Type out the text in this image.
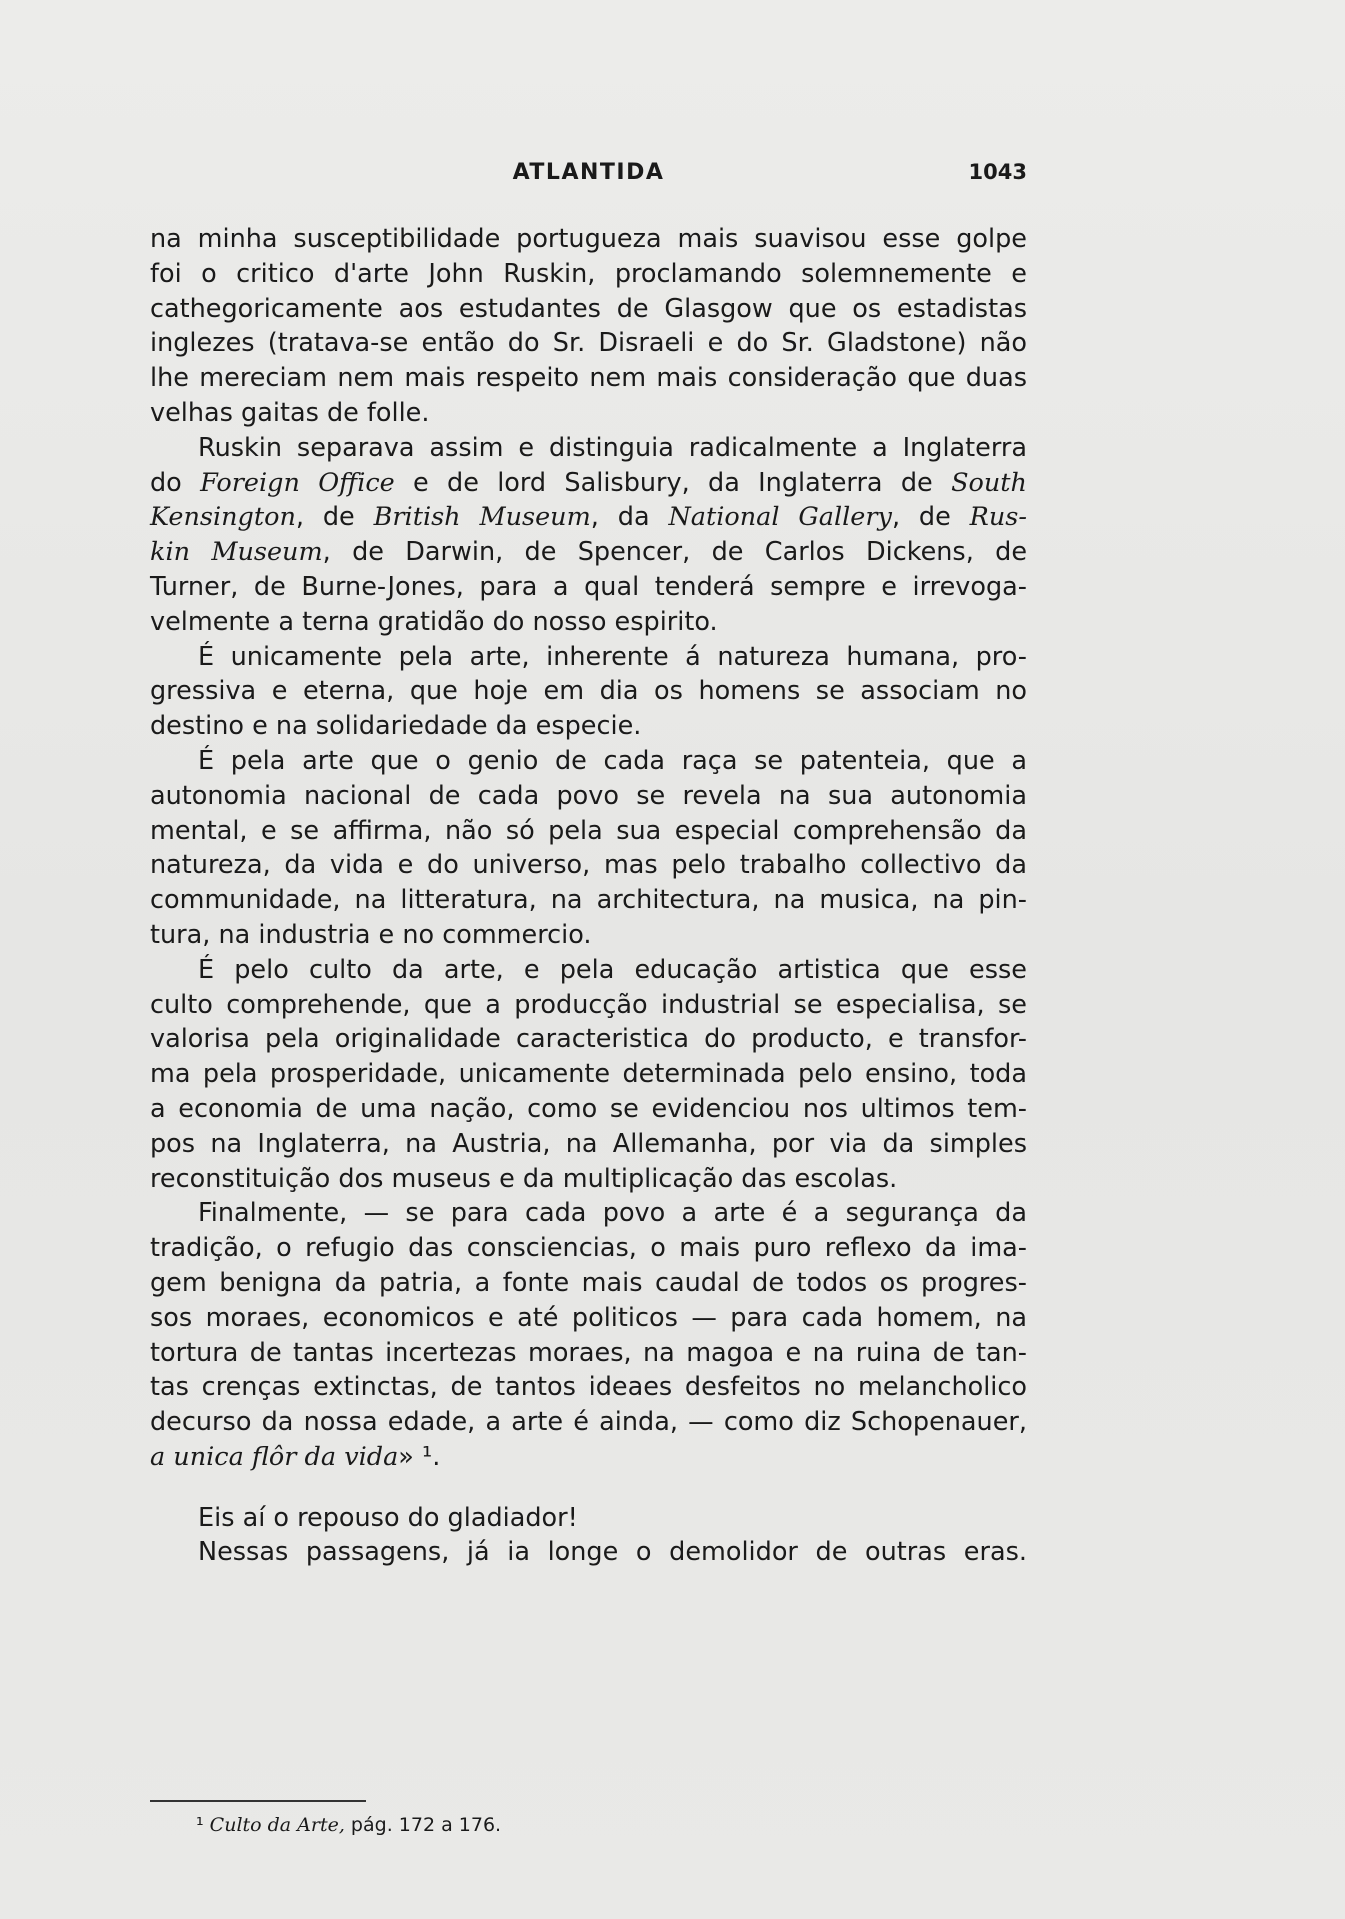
ATLANTIDA	1043
na minha susceptibilidade portugueza mais suavisou esse golpe
foi o critico d'arte John Ruskin, proclamando solemnemente e
cathegoricamente aos estudantes de Glasgow que os estadistas
inglezes (tratava-se então do Sr. Disraeli e do Sr. Gladstone) não
lhe mereciam nem mais respeito nem mais consideração que duas
velhas gaitas de folle.
Ruskin separava assim e distinguia radicalmente a Inglaterra
do Foreign Office e de lord Salisbury, da Inglaterra de South
Kensington, de British Museum, da National Gallery, de Rus-
kin Museum, de Darwin, de Spencer, de Carlos Dickens, de
Turner, de Burne-Jones, para a qual tenderá sempre e irrevoga-
velmente a terna gratidão do nosso espirito.
É unicamente pela arte, inherente á natureza humana, pro-
gressiva e eterna, que hoje em dia os homens se associam no
destino e na solidariedade da especie.
É pela arte que o genio de cada raça se patenteia, que a
autonomia nacional de cada povo se revela na sua autonomia
mental, e se affirma, não só pela sua especial comprehensão da
natureza, da vida e do universo, mas pelo trabalho collectivo da
communidade, na litteratura, na architectura, na musica, na pin-
tura, na industria e no commercio.
É pelo culto da arte, e pela educação artistica que esse
culto comprehende, que a producção industrial se especialisa, se
valorisa pela originalidade caracteristica do producto, e transfor-
ma pela prosperidade, unicamente determinada pelo ensino, toda
a economia de uma nação, como se evidenciou nos ultimos tem-
pos na Inglaterra, na Austria, na Allemanha, por via da simples
reconstituição dos museus e da multiplicação das escolas.
Finalmente, — se para cada povo a arte é a segurança da
tradição, o refugio das consciencias, o mais puro reflexo da ima-
gem benigna da patria, a fonte mais caudal de todos os progres-
sos moraes, economicos e até politicos — para cada homem, na
tortura de tantas incertezas moraes, na magoa e na ruina de tan-
tas crenças extinctas, de tantos ideaes desfeitos no melancholico
decurso da nossa edade, a arte é ainda, — como diz Schopenauer,
a unica flôr da vida» ¹.
Eis aí o repouso do gladiador!
Nessas passagens, já ia longe o demolidor de outras eras.
¹ Culto da Arte, pág. 172 a 176.
